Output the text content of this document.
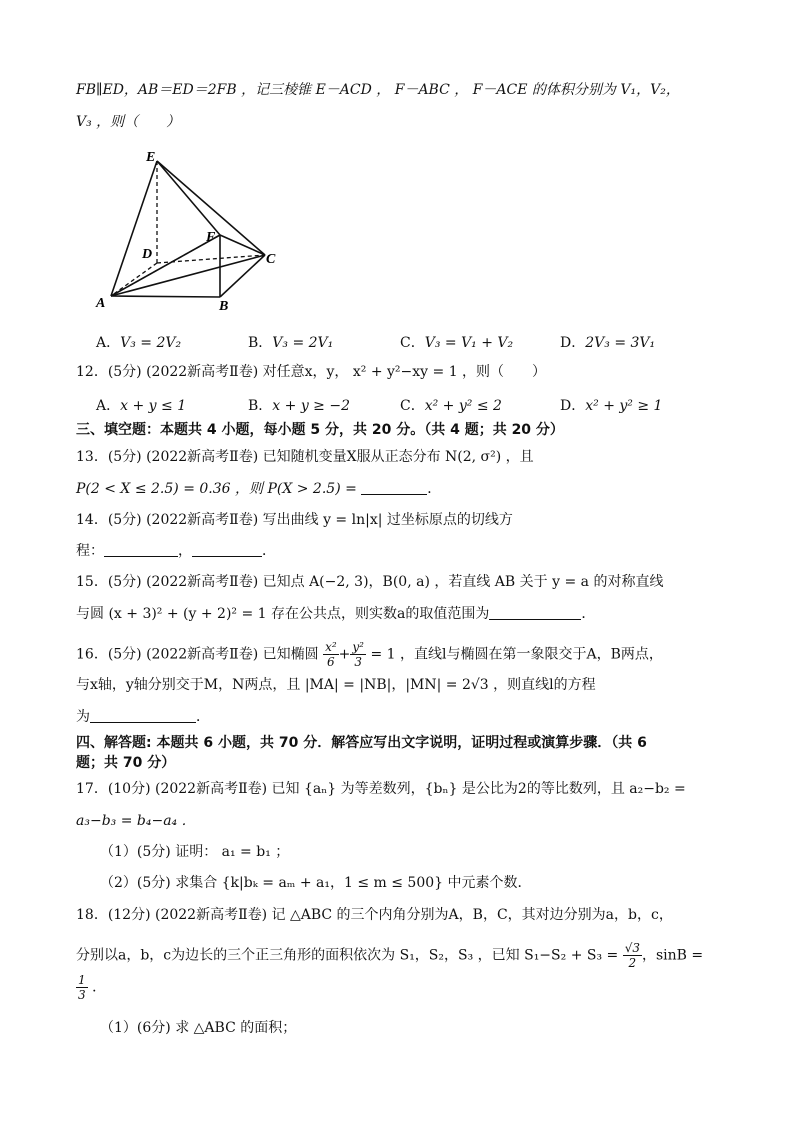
FB∥ED，AB＝ED＝2FB ，记三棱锥 E－ACD ， F－ABC ， F－ACE 的体积分别为 V₁，V₂，
V₃ ，则（　　）
E
D
F
C
A	B
A．V₃ = 2V₂	B．V₃ = 2V₁	C．V₃ = V₁ + V₂	D．2V₃ = 3V₁
12．(5分) (2022新高考Ⅱ卷) 对任意x，y， x² + y²−xy = 1 ，则（　　）
A．x + y ≤ 1	B．x + y ≥ −2	C．x² + y² ≤ 2	D．x² + y² ≥ 1
三、填空题：本题共 4 小题，每小题 5 分，共 20 分。（共 4 题；共 20 分）
13．(5分) (2022新高考Ⅱ卷) 已知随机变量X服从正态分布 N(2, σ²) ，且
P(2 < X ≤ 2.5) = 0.36 ，则 P(X > 2.5) =	．
14．(5分) (2022新高考Ⅱ卷) 写出曲线 y = ln|x| 过坐标原点的切线方
程：	，	．
15．(5分) (2022新高考Ⅱ卷) 已知点 A(−2, 3)，B(0, a) ，若直线 AB 关于 y = a 的对称直线
与圆 (x + 3)² + (y + 2)² = 1 存在公共点，则实数a的取值范围为	．
16．(5分) (2022新高考Ⅱ卷) 已知椭圆 $\frac{\text{x²}}{6} + \frac{\text{y²}}{3} = 1$ ，直线l与椭圆在第一象限交于A，B两点，
与x轴，y轴分别交于M，N两点，且 |MA| = |NB|，|MN| = 2√3 ，则直线l的方程
为	．
四、解答题: 本题共 6 小题，共 70 分．解答应写出文字说明，证明过程或演算步骤．（共 6
题；共 70 分）
17．(10分) (2022新高考Ⅱ卷) 已知 {aₙ} 为等差数列，{bₙ} 是公比为2的等比数列，且 a₂−b₂ =
a₃−b₃ = b₄−a₄ ．
（1）(5分) 证明： a₁ = b₁ ；
（2）(5分) 求集合 {k|bₖ = aₘ + a₁，1 ≤ m ≤ 500} 中元素个数．
18．(12分) (2022新高考Ⅱ卷) 记 △ABC 的三个内角分别为A，B，C，其对边分别为a，b，c，
分别以a，b，c为边长的三个正三角形的面积依次为 S₁，S₂，S₃ ，已知 $S_1-S_2 + S_3 = \frac{√3}{2}$ ，sinB =
$\frac{1}{3}$ ．
（1）(6分) 求 △ABC 的面积；
